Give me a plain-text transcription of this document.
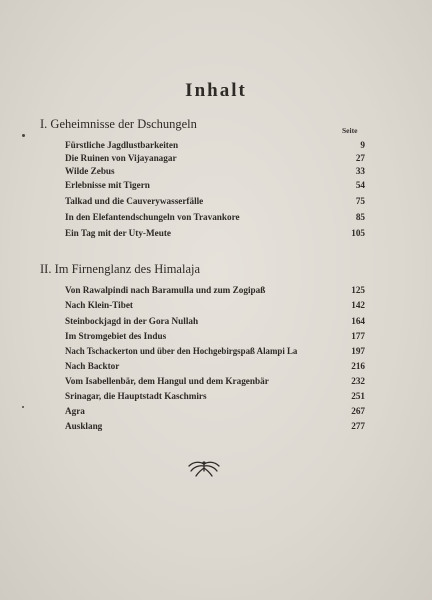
Inhalt
I. Geheimnisse der Dschungeln	Seite
Fürstliche Jagdlustbarkeiten	9
Die Ruinen von Vijayanagar	27
Wilde Zebus	33
Erlebnisse mit Tigern	54
Talkad und die Cauverywasserfälle	75
In den Elefantendschungeln von Travankore	85
Ein Tag mit der Uty-Meute	105
II. Im Firnenglanz des Himalaja
Von Rawalpindi nach Baramulla und zum Zogipaß	125
Nach Klein-Tibet	142
Steinbockjagd in der Gora Nullah	164
Im Stromgebiet des Indus	177
Nach Tschackerton und über den Hochgebirgspaß Alampi La	197
Nach Backtor	216
Vom Isabellenbär, dem Hangul und dem Kragenbär	232
Srinagar, die Hauptstadt Kaschmirs	251
Agra	267
Ausklang	277
